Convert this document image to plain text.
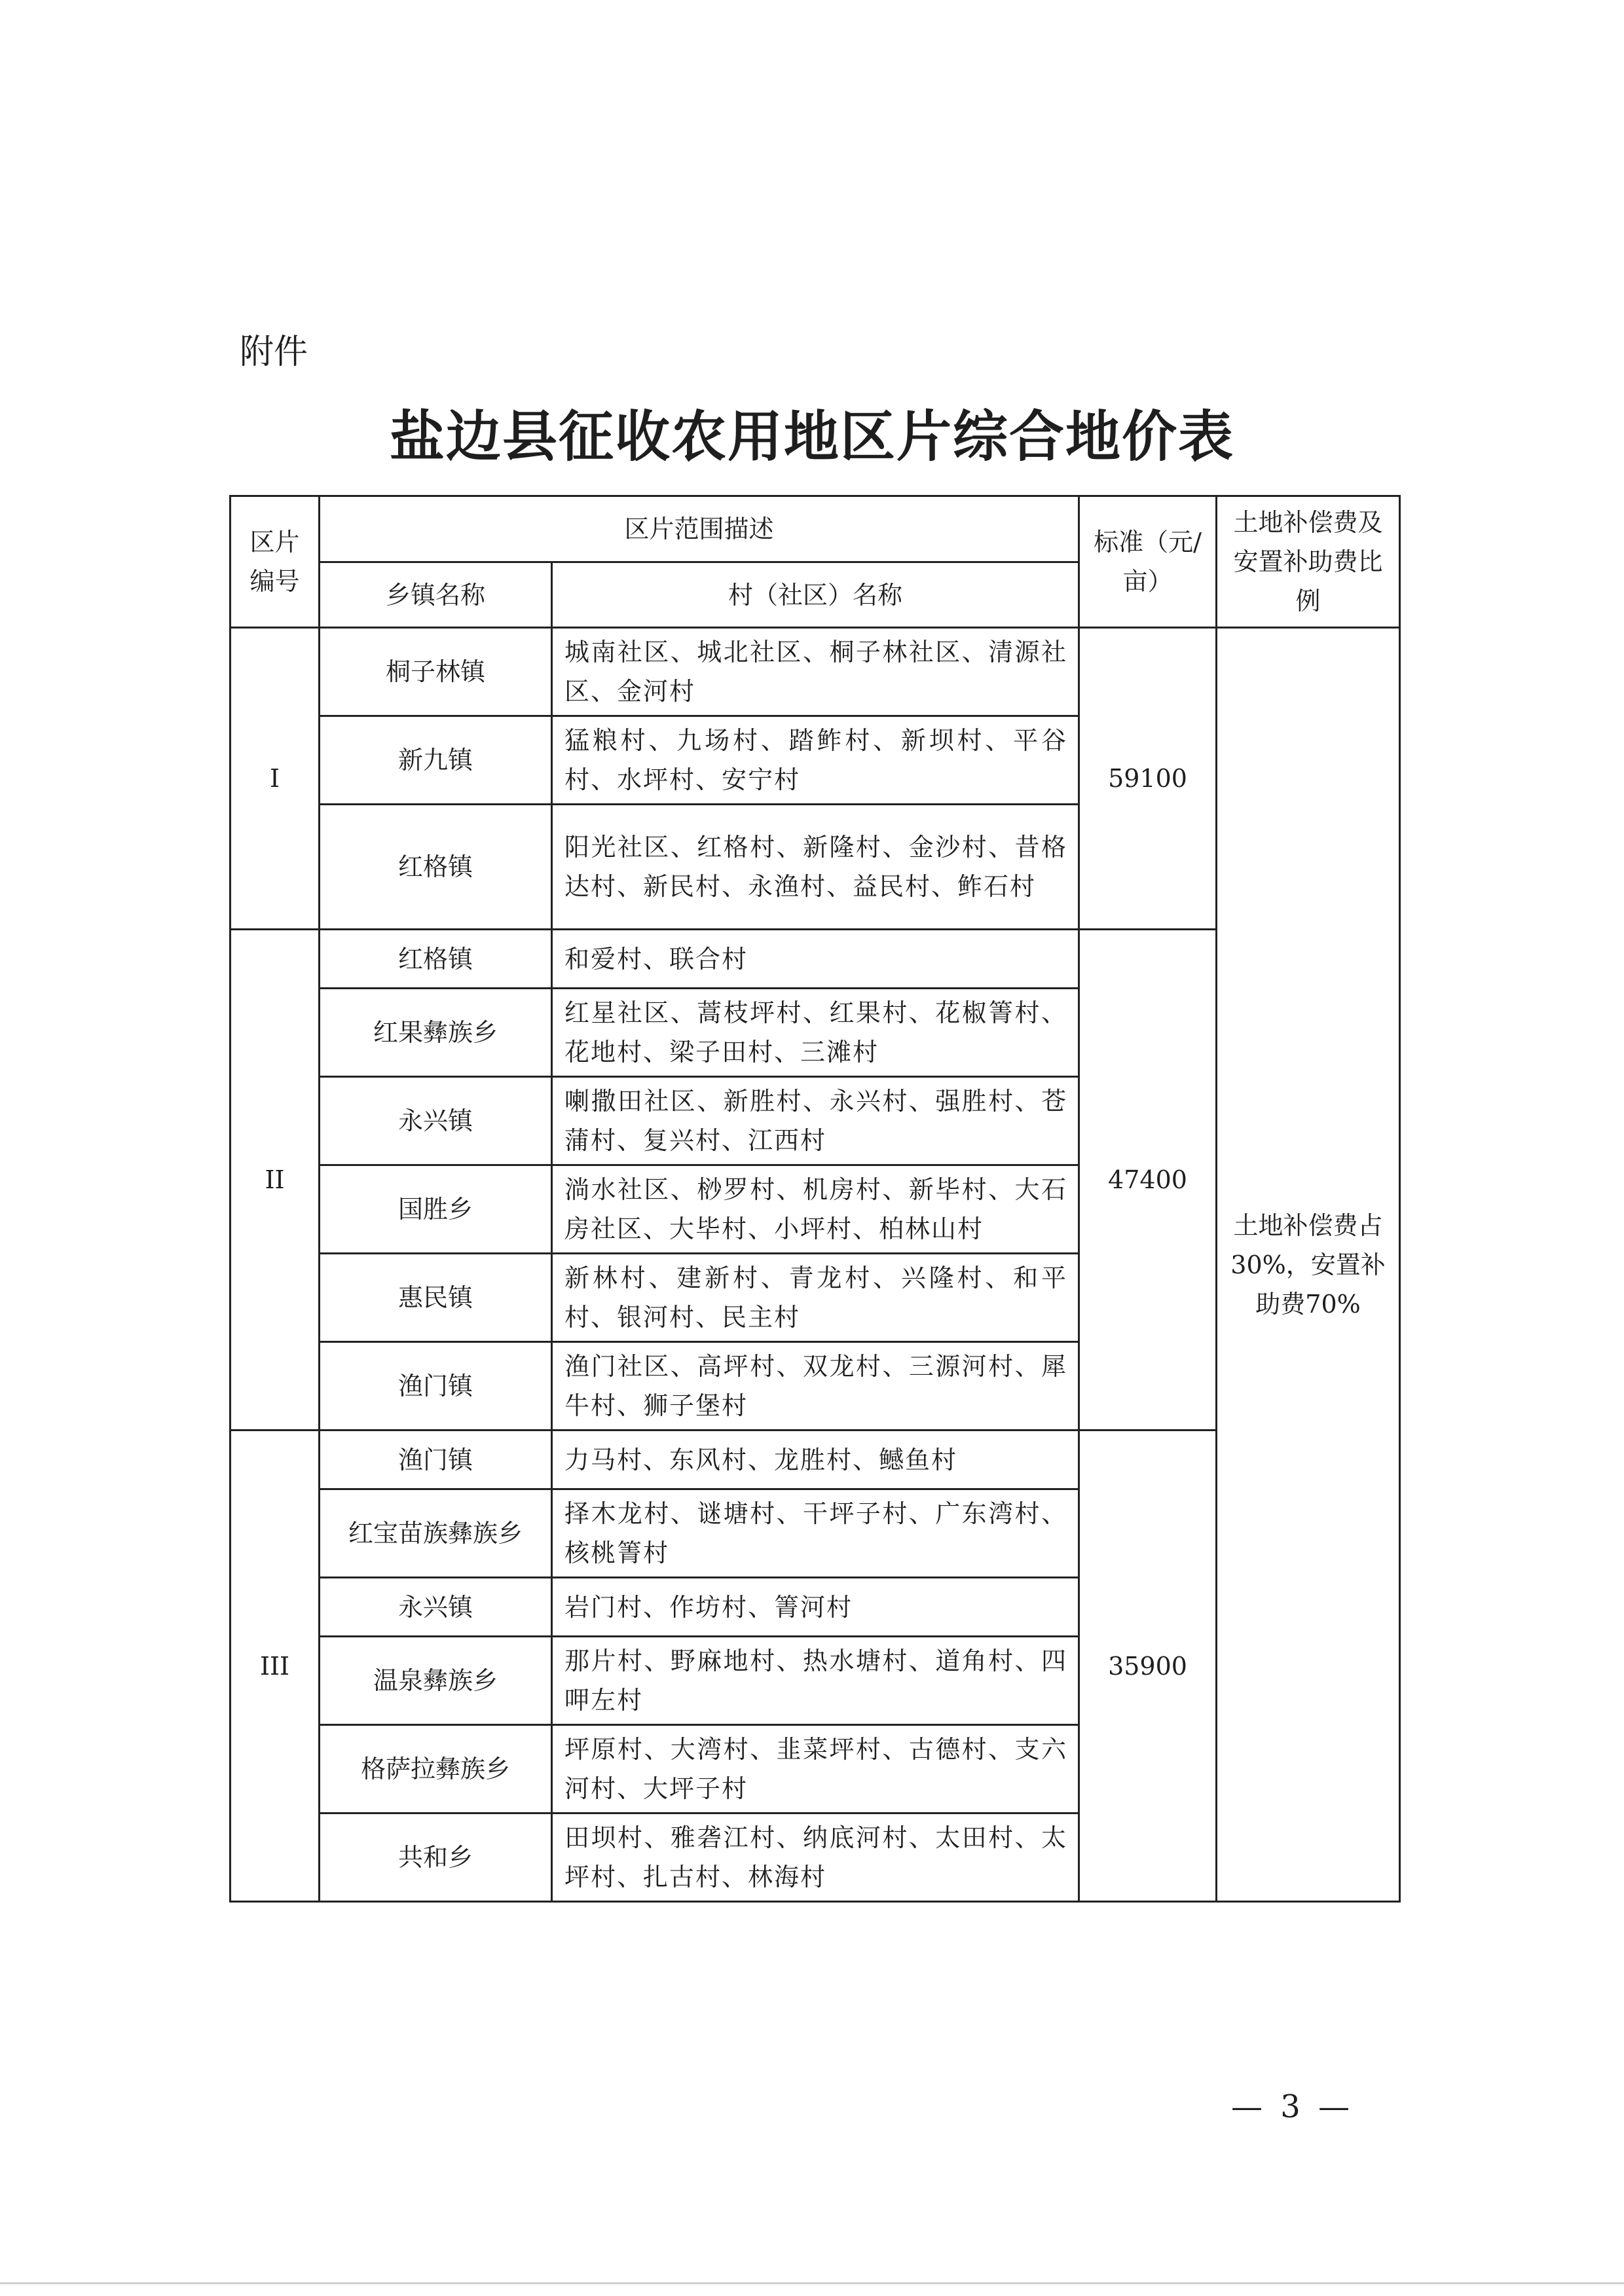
附件
盐边县征收农用地区片综合地价表
区片编号	区片范围描述		标准（元/亩）	土地补偿费及安置补助费比例
	乡镇名称	村（社区）名称		
I	桐子林镇	城南社区、城北社区、桐子林社区、清源社区、金河村	59100	土地补偿费占30%，安置补助费70%
	新九镇	猛粮村、九场村、踏鲊村、新坝村、平谷村、水坪村、安宁村		
	红格镇	阳光社区、红格村、新隆村、金沙村、昔格达村、新民村、永渔村、益民村、鲊石村		
II	红格镇	和爱村、联合村	47400	
	红果彝族乡	红星社区、蒿枝坪村、红果村、花椒箐村、花地村、梁子田村、三滩村		
	永兴镇	喇撒田社区、新胜村、永兴村、强胜村、苍蒲村、复兴村、江西村		
	国胜乡	淌水社区、桫罗村、机房村、新毕村、大石房社区、大毕村、小坪村、柏林山村		
	惠民镇	新林村、建新村、青龙村、兴隆村、和平村、银河村、民主村		
	渔门镇	渔门社区、高坪村、双龙村、三源河村、犀牛村、狮子堡村		
III	渔门镇	力马村、东风村、龙胜村、鳡鱼村	35900	
	红宝苗族彝族乡	择木龙村、谜塘村、干坪子村、广东湾村、核桃箐村		
	永兴镇	岩门村、作坊村、箐河村		
	温泉彝族乡	那片村、野麻地村、热水塘村、道角村、四呷左村		
	格萨拉彝族乡	坪原村、大湾村、韭菜坪村、古德村、支六河村、大坪子村		
	共和乡	田坝村、雅砻江村、纳底河村、太田村、太坪村、扎古村、林海村		
— 3 —
